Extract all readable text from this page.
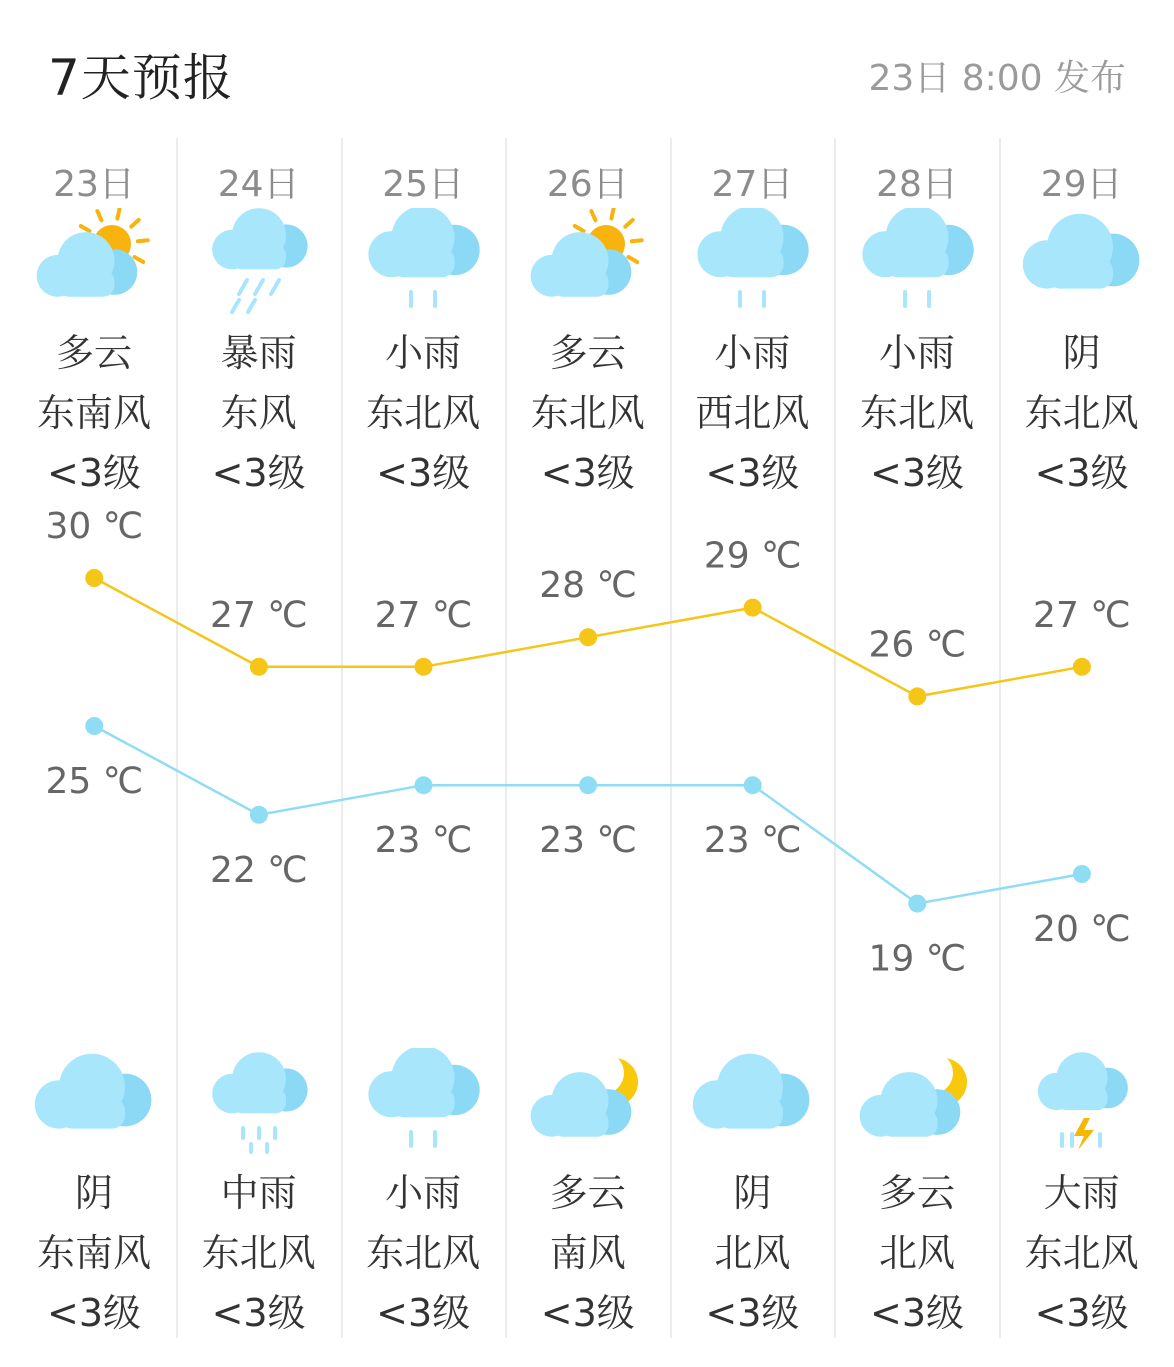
7天预报	23日 8:00 发布
23日
多云
东南风
<3级
阴
东南风
<3级
24日
暴雨
东风
<3级
中雨
东北风
<3级
25日
小雨
东北风
<3级
小雨
东北风
<3级
26日
多云
东北风
<3级
多云
南风
<3级
27日
小雨
西北风
<3级
阴
北风
<3级
28日
小雨
东北风
<3级
多云
北风
<3级
29日
阴
东北风
<3级
大雨
东北风
<3级
30 ℃
27 ℃ 27 ℃
28 ℃
29 ℃
26 ℃
27 ℃
25 ℃
22 ℃
23 ℃ 23 ℃ 23 ℃
19 ℃
20 ℃
